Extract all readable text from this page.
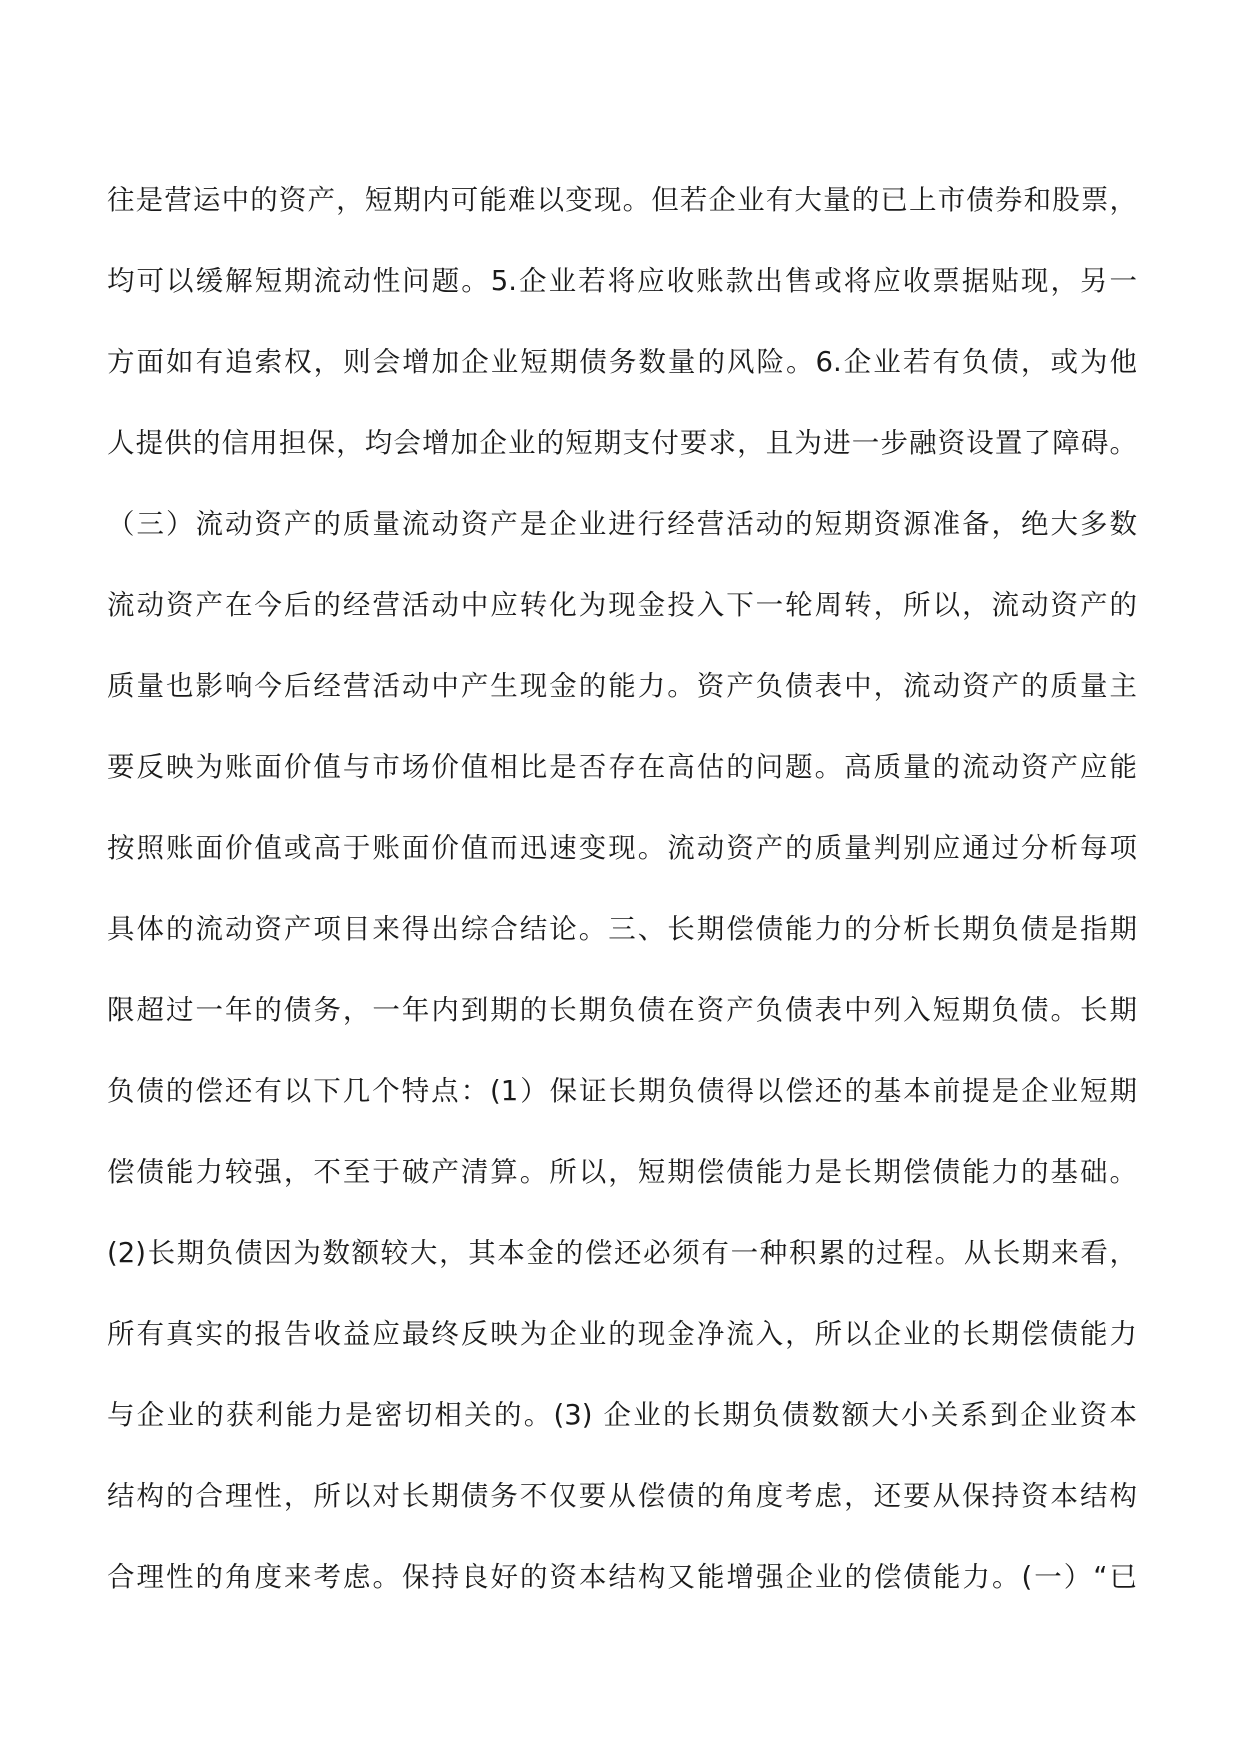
往是营运中的资产，短期内可能难以变现。但若企业有大量的已上市债券和股票，
均可以缓解短期流动性问题。5.企业若将应收账款出售或将应收票据贴现，另一
方面如有追索权，则会增加企业短期债务数量的风险。6.企业若有负债，或为他
人提供的信用担保，均会增加企业的短期支付要求，且为进一步融资设置了障碍。
（三）流动资产的质量流动资产是企业进行经营活动的短期资源准备，绝大多数
流动资产在今后的经营活动中应转化为现金投入下一轮周转，所以，流动资产的
质量也影响今后经营活动中产生现金的能力。资产负债表中，流动资产的质量主
要反映为账面价值与市场价值相比是否存在高估的问题。高质量的流动资产应能
按照账面价值或高于账面价值而迅速变现。流动资产的质量判别应通过分析每项
具体的流动资产项目来得出综合结论。三、长期偿债能力的分析长期负债是指期
限超过一年的债务，一年内到期的长期负债在资产负债表中列入短期负债。长期
负债的偿还有以下几个特点：(1）保证长期负债得以偿还的基本前提是企业短期
偿债能力较强，不至于破产清算。所以，短期偿债能力是长期偿债能力的基础。
(2)长期负债因为数额较大，其本金的偿还必须有一种积累的过程。从长期来看，
所有真实的报告收益应最终反映为企业的现金净流入，所以企业的长期偿债能力
与企业的获利能力是密切相关的。(3) 企业的长期负债数额大小关系到企业资本
结构的合理性，所以对长期债务不仅要从偿债的角度考虑，还要从保持资本结构
合理性的角度来考虑。保持良好的资本结构又能增强企业的偿债能力。(一）“已
